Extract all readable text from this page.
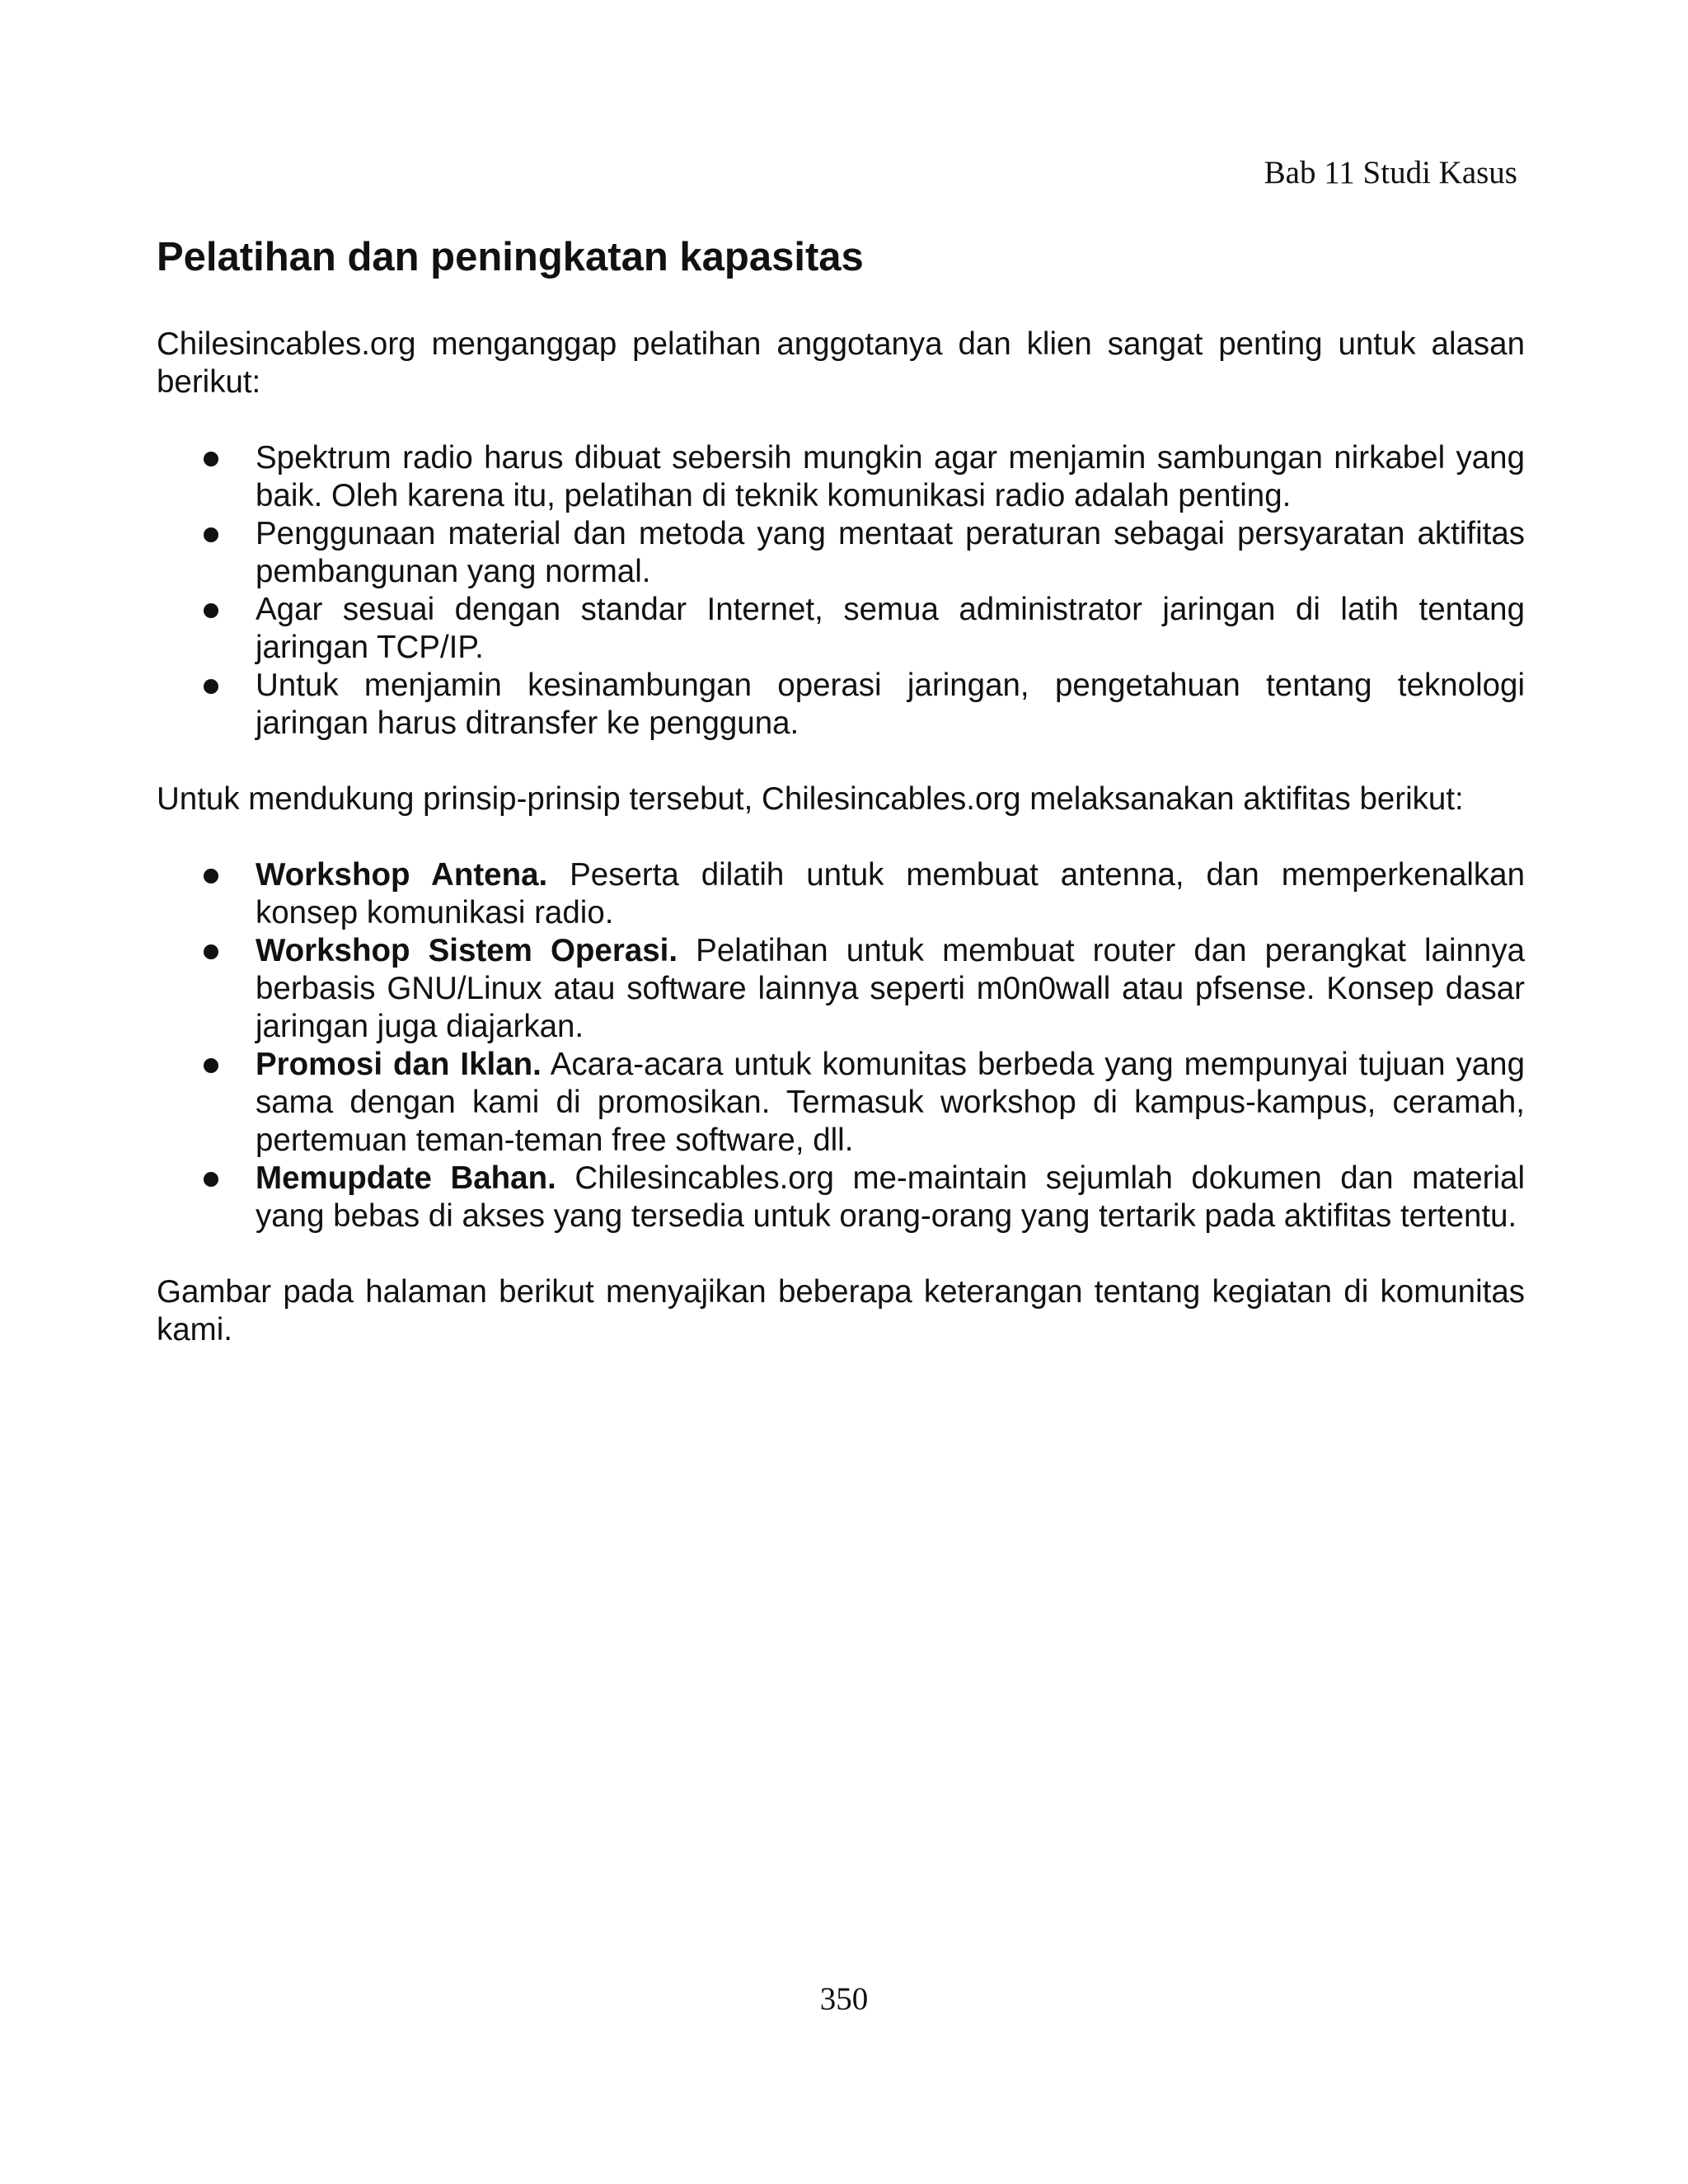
Bab 11 Studi Kasus
Pelatihan dan peningkatan kapasitas

Chilesincables.org menganggap pelatihan anggotanya dan klien sangat penting untuk alasan berikut:

Spektrum radio harus dibuat sebersih mungkin agar menjamin sambungan nirkabel yang baik. Oleh karena itu, pelatihan di teknik komunikasi radio adalah penting.
Penggunaan material dan metoda yang mentaat peraturan sebagai persyaratan aktifitas pembangunan yang normal.
Agar sesuai dengan standar Internet, semua administrator jaringan di latih tentang jaringan TCP/IP.
Untuk menjamin kesinambungan operasi jaringan, pengetahuan tentang teknologi jaringan harus ditransfer ke pengguna.

Untuk mendukung prinsip-prinsip tersebut, Chilesincables.org melaksanakan aktifitas berikut:

Workshop Antena. Peserta dilatih untuk membuat antenna, dan memperkenalkan konsep komunikasi radio.
Workshop Sistem Operasi. Pelatihan untuk membuat router dan perangkat lainnya berbasis GNU/Linux atau software lainnya seperti m0n0wall atau pfsense. Konsep dasar jaringan juga diajarkan.
Promosi dan Iklan. Acara-acara untuk komunitas berbeda yang mempunyai tujuan yang sama dengan kami di promosikan. Termasuk workshop di kampus-kampus, ceramah, pertemuan teman-teman free software, dll.
Memupdate Bahan. Chilesincables.org me-maintain sejumlah dokumen dan material yang bebas di akses yang tersedia untuk orang-orang yang tertarik pada aktifitas tertentu.

Gambar pada halaman berikut menyajikan beberapa keterangan tentang kegiatan di komunitas kami.

350
